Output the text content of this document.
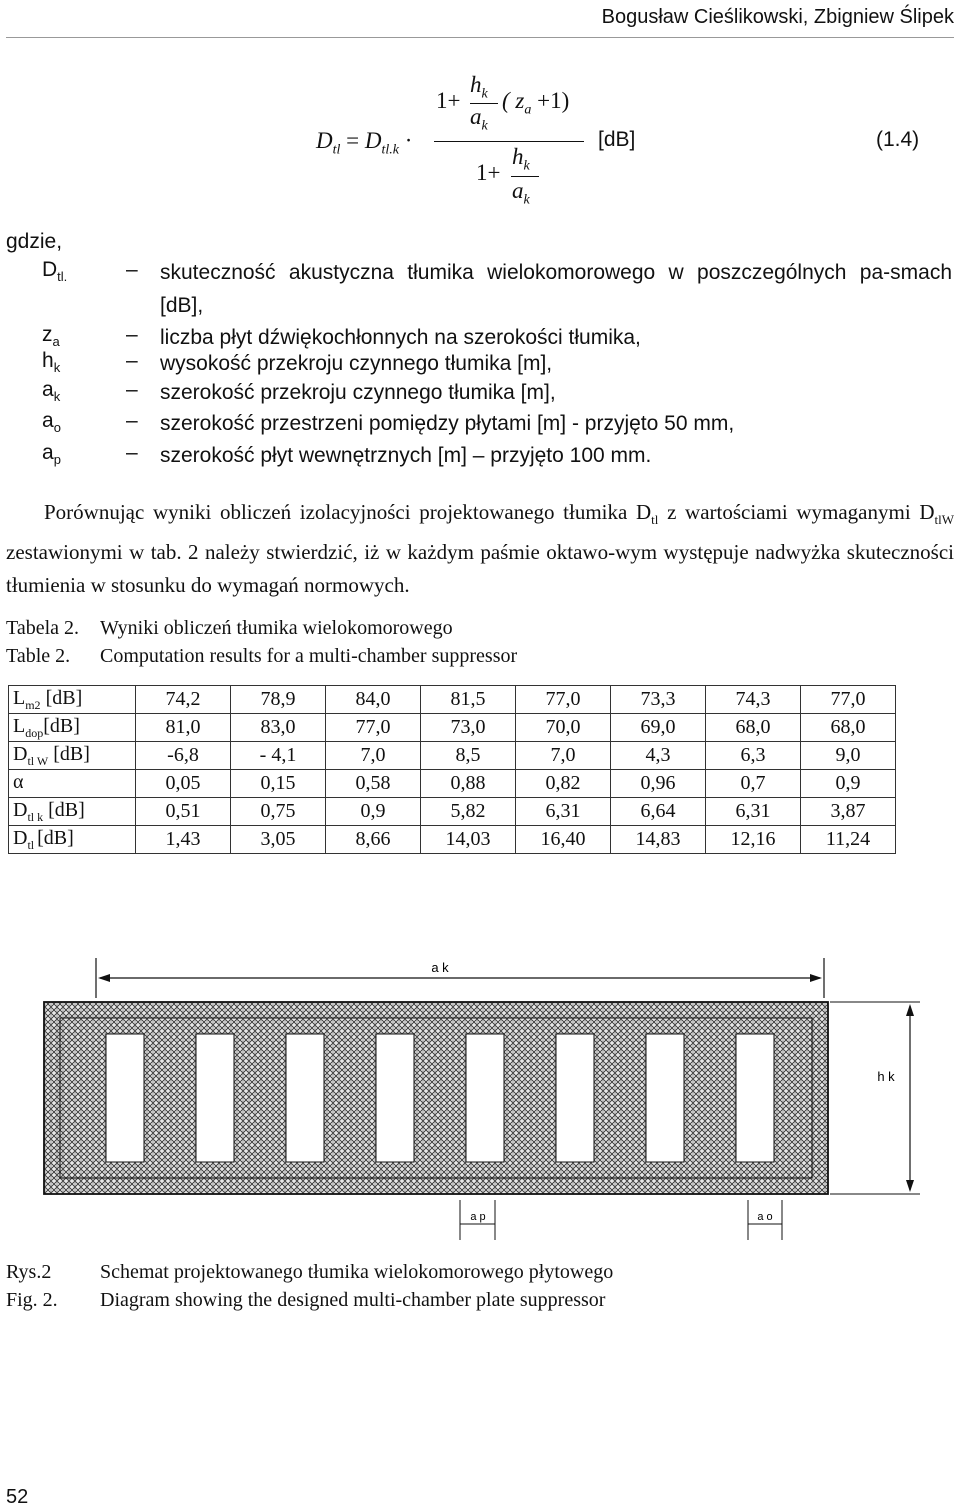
Bogusław Cieślikowski, Zbigniew Ślipek
$D_{tl} = D_{tl.k}$ ·
1+
$h_k$
$a_k$
( $z_a +1$)
1+
$h_k$
$a_k$
[dB]	(1.4)
gdzie,
$D_{tl.}$	– skuteczność akustyczna tłumika wielokomorowego w poszczególnych pa-smach [dB],
$z_a$	– liczba płyt dźwiękochłonnych na szerokości tłumika,
$h_k$	– wysokość przekroju czynnego tłumika [m],
$a_k$	– szerokość przekroju czynnego tłumika [m],
$a_o$	– szerokość przestrzeni pomiędzy płytami [m] - przyjęto 50 mm,
$a_p$	– szerokość płyt wewnętrznych [m] – przyjęto 100 mm.
Porównując wyniki obliczeń izolacyjności projektowanego tłumika $D_{tl}$ z wartościami wymaganymi $D_{tlW}$ zestawionymi w tab. 2 należy stwierdzić, iż w każdym paśmie oktawo-wym występuje nadwyżka skuteczności tłumienia w stosunku do wymagań normowych.
Tabela 2. Wyniki obliczeń tłumika wielokomorowego
Table 2. Computation results for a multi-chamber suppressor
$L_{m2}$ [dB]	74,2	78,9	84,0	81,5	77,0	73,3	74,3	77,0
$L_{dop}[dB]$	81,0	83,0	77,0	73,0	70,0	69,0	68,0	68,0
$D_{tl W}$ [dB]	-6,8	- 4,1	7,0	8,5	7,0	4,3	6,3	9,0
α	0,05	0,15	0,58	0,88	0,82	0,96	0,7	0,9
$D_{tl k}$ [dB]	0,51	0,75	0,9	5,82	6,31	6,64	6,31	3,87
$D_{tl}$ [dB]	1,43	3,05	8,66	14,03	16,40	14,83	12,16	11,24
a k
h k
a p	a o
Rys.2 Schemat projektowanego tłumika wielokomorowego płytowego
Fig. 2. Diagram showing the designed multi-chamber plate suppressor
52
